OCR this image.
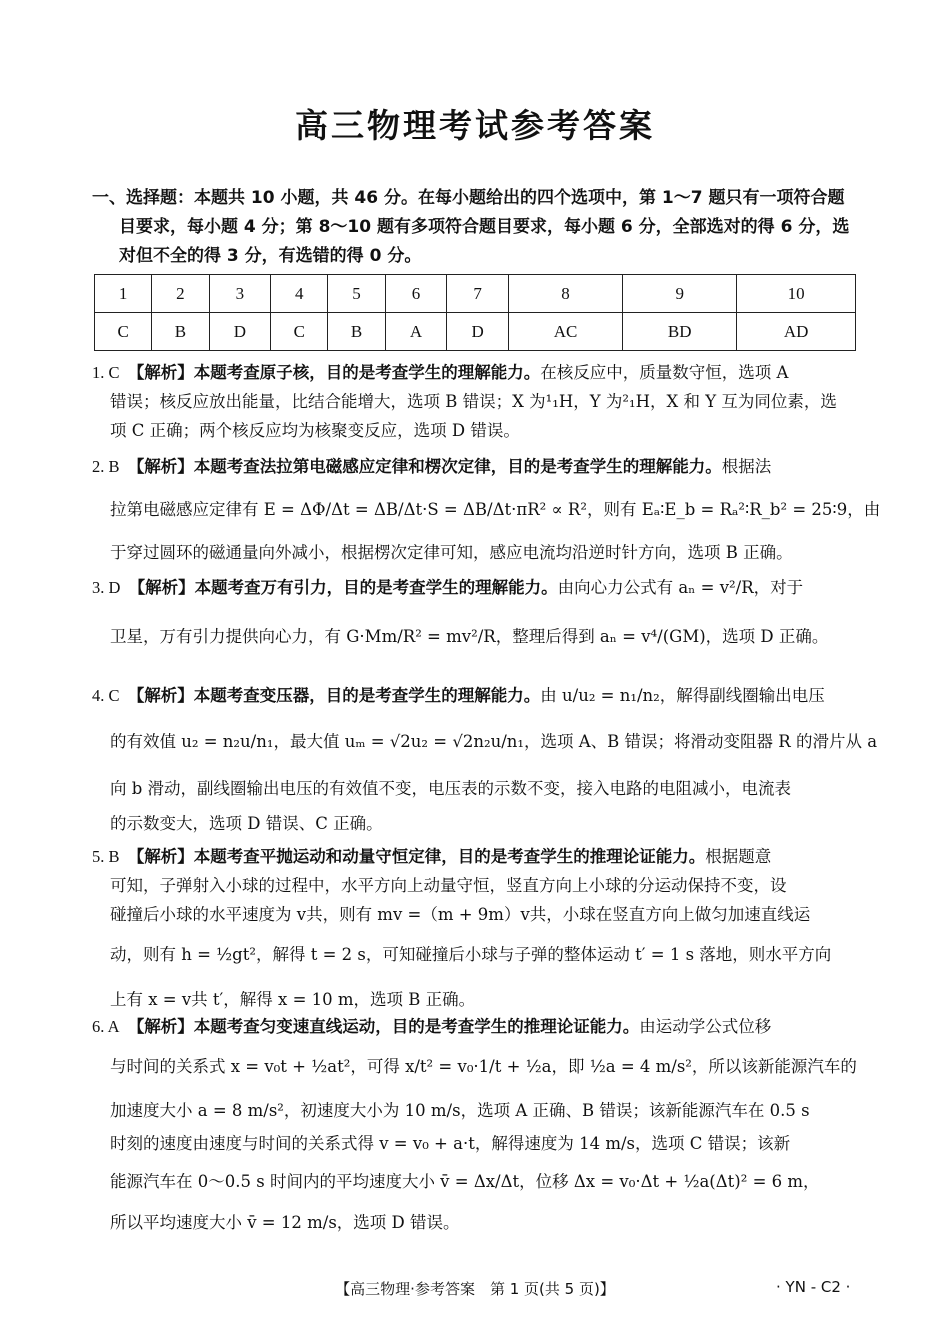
高三物理考试参考答案
一、选择题：本题共 10 小题，共 46 分。在每小题给出的四个选项中，第 1～7 题只有一项符合题
目要求，每小题 4 分；第 8～10 题有多项符合题目要求，每小题 6 分，全部选对的得 6 分，选
对但不全的得 3 分，有选错的得 0 分。
1	2	3	4	5	6	7	8	9	10
C	B	D	C	B	A	D	AC	BD	AD
1. C　 【解析】本题考查原子核，目的是考查学生的理解能力。在核反应中，质量数守恒，选项 A
错误；核反应放出能量，比结合能增大，选项 B 错误；X 为¹₁H，Y 为²₁H，X 和 Y 互为同位素，选
项 C 正确；两个核反应均为核聚变反应，选项 D 错误。
2. B　 【解析】本题考查法拉第电磁感应定律和楞次定律，目的是考查学生的理解能力。根据法
拉第电磁感应定律有 E = ΔΦ/Δt = ΔB/Δt·S = ΔB/Δt·πR² ∝ R²，则有 Eₐ∶E_b = Rₐ²∶R_b² = 25∶9，由
于穿过圆环的磁通量向外减小，根据楞次定律可知，感应电流均沿逆时针方向，选项 B 正确。
3. D　 【解析】本题考查万有引力，目的是考查学生的理解能力。由向心力公式有 aₙ = v²/R，对于
卫星，万有引力提供向心力，有 G·Mm/R² = mv²/R，整理后得到 aₙ = v⁴/(GM)，选项 D 正确。
4. C　 【解析】本题考查变压器，目的是考查学生的理解能力。由 u/u₂ = n₁/n₂，解得副线圈输出电压
的有效值 u₂ = n₂u/n₁，最大值 uₘ = √2u₂ = √2n₂u/n₁，选项 A、B 错误；将滑动变阻器 R 的滑片从 a
向 b 滑动，副线圈输出电压的有效值不变，电压表的示数不变，接入电路的电阻减小，电流表
的示数变大，选项 D 错误、C 正确。
5. B　 【解析】本题考查平抛运动和动量守恒定律，目的是考查学生的推理论证能力。根据题意
可知，子弹射入小球的过程中，水平方向上动量守恒，竖直方向上小球的分运动保持不变，设
碰撞后小球的水平速度为 v共，则有 mv =（m + 9m）v共，小球在竖直方向上做匀加速直线运
动，则有 h = ½gt²，解得 t = 2 s，可知碰撞后小球与子弹的整体运动 t′ = 1 s 落地，则水平方向
上有 x = v共 t′，解得 x = 10 m，选项 B 正确。
6. A　 【解析】本题考查匀变速直线运动，目的是考查学生的推理论证能力。由运动学公式位移
与时间的关系式 x = v₀t + ½at²，可得 x/t² = v₀·1/t + ½a，即 ½a = 4 m/s²，所以该新能源汽车的
加速度大小 a = 8 m/s²，初速度大小为 10 m/s，选项 A 正确、B 错误；该新能源汽车在 0.5 s
时刻的速度由速度与时间的关系式得 v = v₀ + a·t，解得速度为 14 m/s，选项 C 错误；该新
能源汽车在 0～0.5 s 时间内的平均速度大小 v̄ = Δx/Δt，位移 Δx = v₀·Δt + ½a(Δt)² = 6 m，
所以平均速度大小 v̄ = 12 m/s，选项 D 错误。
【高三物理·参考答案　第 1 页(共 5 页)】	· YN - C2 ·
